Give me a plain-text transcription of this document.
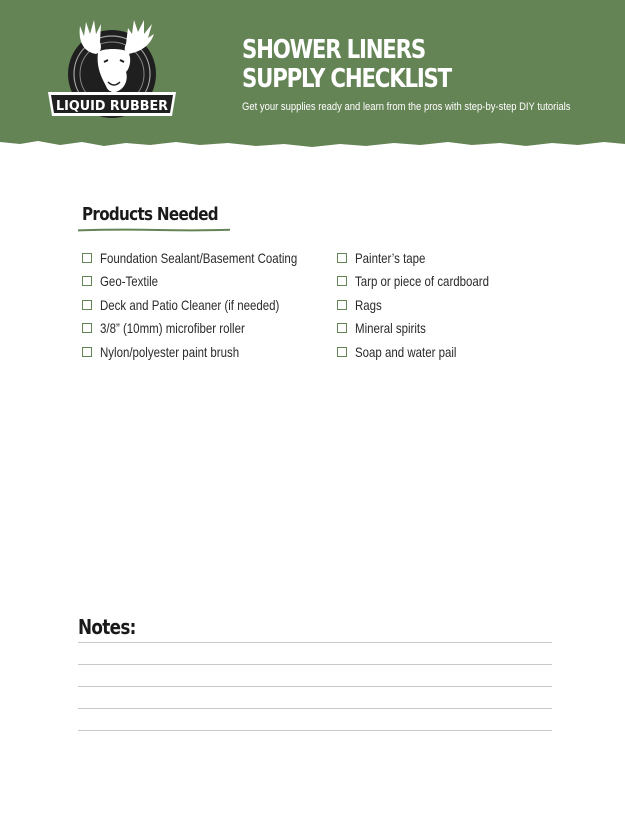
LIQUID RUBBER
SHOWER LINERS
SUPPLY CHECKLIST

Get your supplies ready and learn from the pros with step-by-step DIY tutorials

Products Needed
Foundation Sealant/Basement Coating
Geo-Textile
Deck and Patio Cleaner (if needed)
3/8” (10mm) microfiber roller
Nylon/polyester paint brush
Painter’s tape
Tarp or piece of cardboard
Rags
Mineral spirits
Soap and water pail
Notes:
